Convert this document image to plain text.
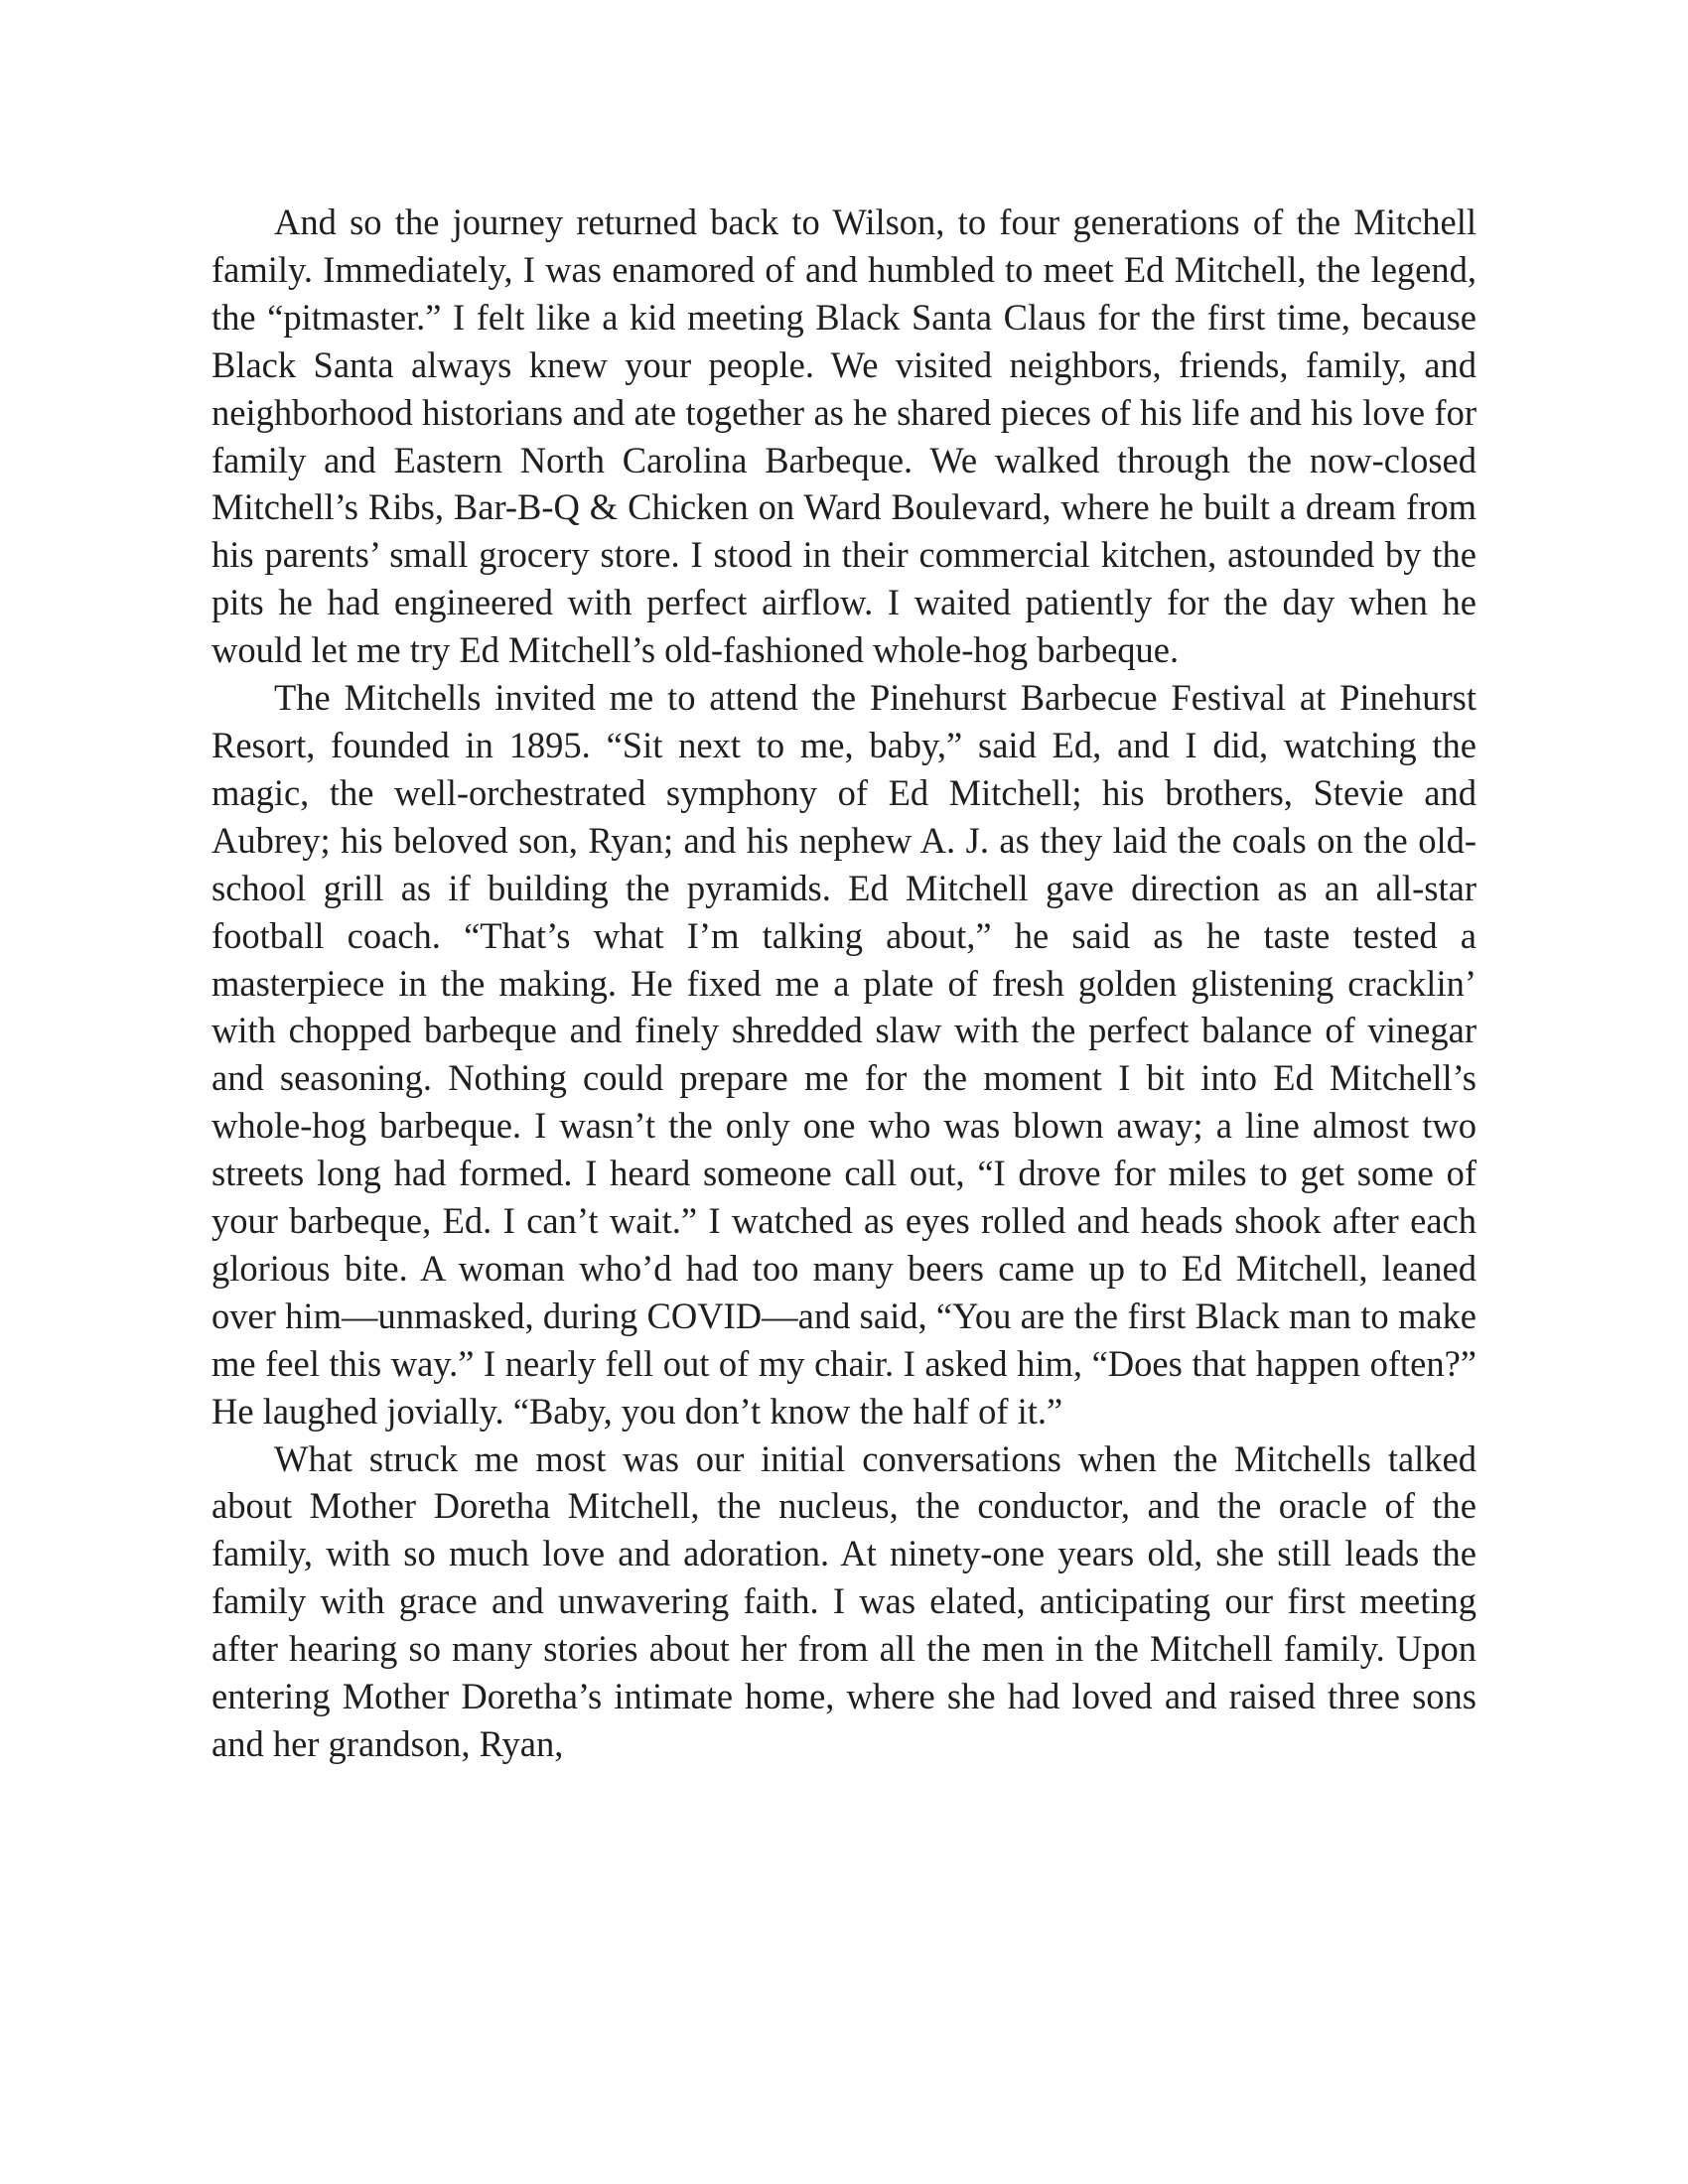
And so the journey returned back to Wilson, to four generations of the Mitchell family. Immediately, I was enamored of and humbled to meet Ed Mitchell, the legend, the “pitmaster.” I felt like a kid meeting Black Santa Claus for the first time, because Black Santa always knew your people. We visited neighbors, friends, family, and neighborhood historians and ate together as he shared pieces of his life and his love for family and Eastern North Carolina Barbeque. We walked through the now-closed Mitchell’s Ribs, Bar-B-Q & Chicken on Ward Boulevard, where he built a dream from his parents’ small grocery store. I stood in their commercial kitchen, astounded by the pits he had engineered with perfect airflow. I waited patiently for the day when he would let me try Ed Mitchell’s old-fashioned whole-hog barbeque.

The Mitchells invited me to attend the Pinehurst Barbecue Festival at Pinehurst Resort, founded in 1895. “Sit next to me, baby,” said Ed, and I did, watching the magic, the well-orchestrated symphony of Ed Mitchell; his brothers, Stevie and Aubrey; his beloved son, Ryan; and his nephew A. J. as they laid the coals on the old-school grill as if building the pyramids. Ed Mitchell gave direction as an all-star football coach. “That’s what I’m talking about,” he said as he taste tested a masterpiece in the making. He fixed me a plate of fresh golden glistening cracklin’ with chopped barbeque and finely shredded slaw with the perfect balance of vinegar and seasoning. Nothing could prepare me for the moment I bit into Ed Mitchell’s whole-hog barbeque. I wasn’t the only one who was blown away; a line almost two streets long had formed. I heard someone call out, “I drove for miles to get some of your barbeque, Ed. I can’t wait.” I watched as eyes rolled and heads shook after each glorious bite. A woman who’d had too many beers came up to Ed Mitchell, leaned over him—unmasked, during COVID—and said, “You are the first Black man to make me feel this way.” I nearly fell out of my chair. I asked him, “Does that happen often?” He laughed jovially. “Baby, you don’t know the half of it.”

What struck me most was our initial conversations when the Mitchells talked about Mother Doretha Mitchell, the nucleus, the conductor, and the oracle of the family, with so much love and adoration. At ninety-one years old, she still leads the family with grace and unwavering faith. I was elated, anticipating our first meeting after hearing so many stories about her from all the men in the Mitchell family. Upon entering Mother Doretha’s intimate home, where she had loved and raised three sons and her grandson, Ryan,
